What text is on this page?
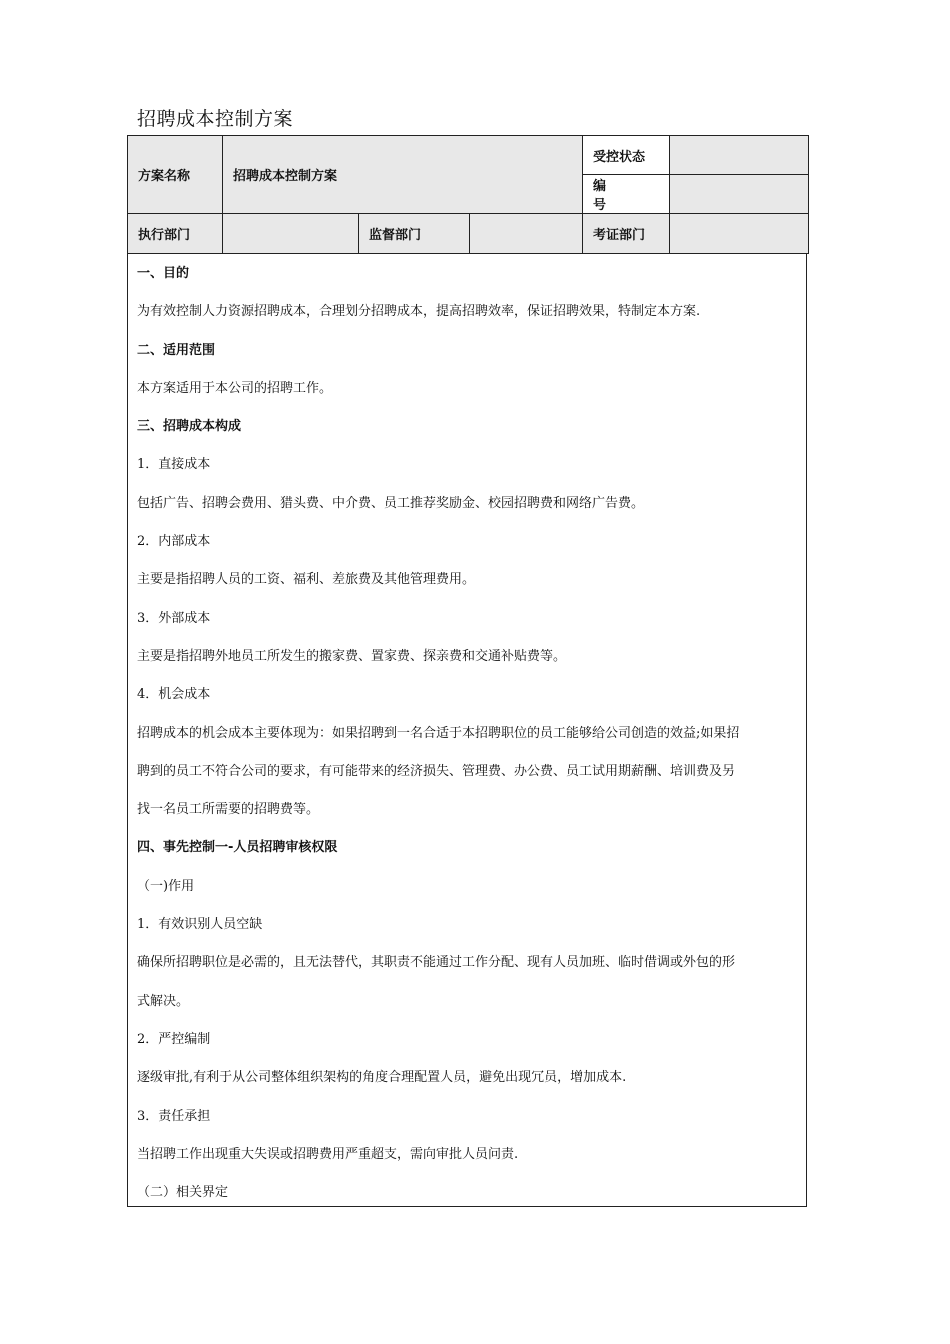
招聘成本控制方案
方案名称	招聘成本控制方案			受控状态	
				编号	
执行部门		监督部门		考证部门	
一、目的
为有效控制人力资源招聘成本，合理划分招聘成本，提高招聘效率，保证招聘效果，特制定本方案.
二、适用范围
本方案适用于本公司的招聘工作。
三、招聘成本构成
1．直接成本
包括广告、招聘会费用、猎头费、中介费、员工推荐奖励金、校园招聘费和网络广告费。
2．内部成本
主要是指招聘人员的工资、福利、差旅费及其他管理费用。
3．外部成本
主要是指招聘外地员工所发生的搬家费、置家费、探亲费和交通补贴费等。
4．机会成本
招聘成本的机会成本主要体现为：如果招聘到一名合适于本招聘职位的员工能够给公司创造的效益;如果招
聘到的员工不符合公司的要求，有可能带来的经济损失、管理费、办公费、员工试用期薪酬、培训费及另
找一名员工所需要的招聘费等。
四、事先控制一-人员招聘审核权限
（一)作用
1．有效识别人员空缺
确保所招聘职位是必需的，且无法替代，其职责不能通过工作分配、现有人员加班、临时借调或外包的形
式解决。
2．严控编制
逐级审批,有利于从公司整体组织架构的角度合理配置人员，避免出现冗员，增加成本.
3．责任承担
当招聘工作出现重大失误或招聘费用严重超支，需向审批人员问责.
（二）相关界定
